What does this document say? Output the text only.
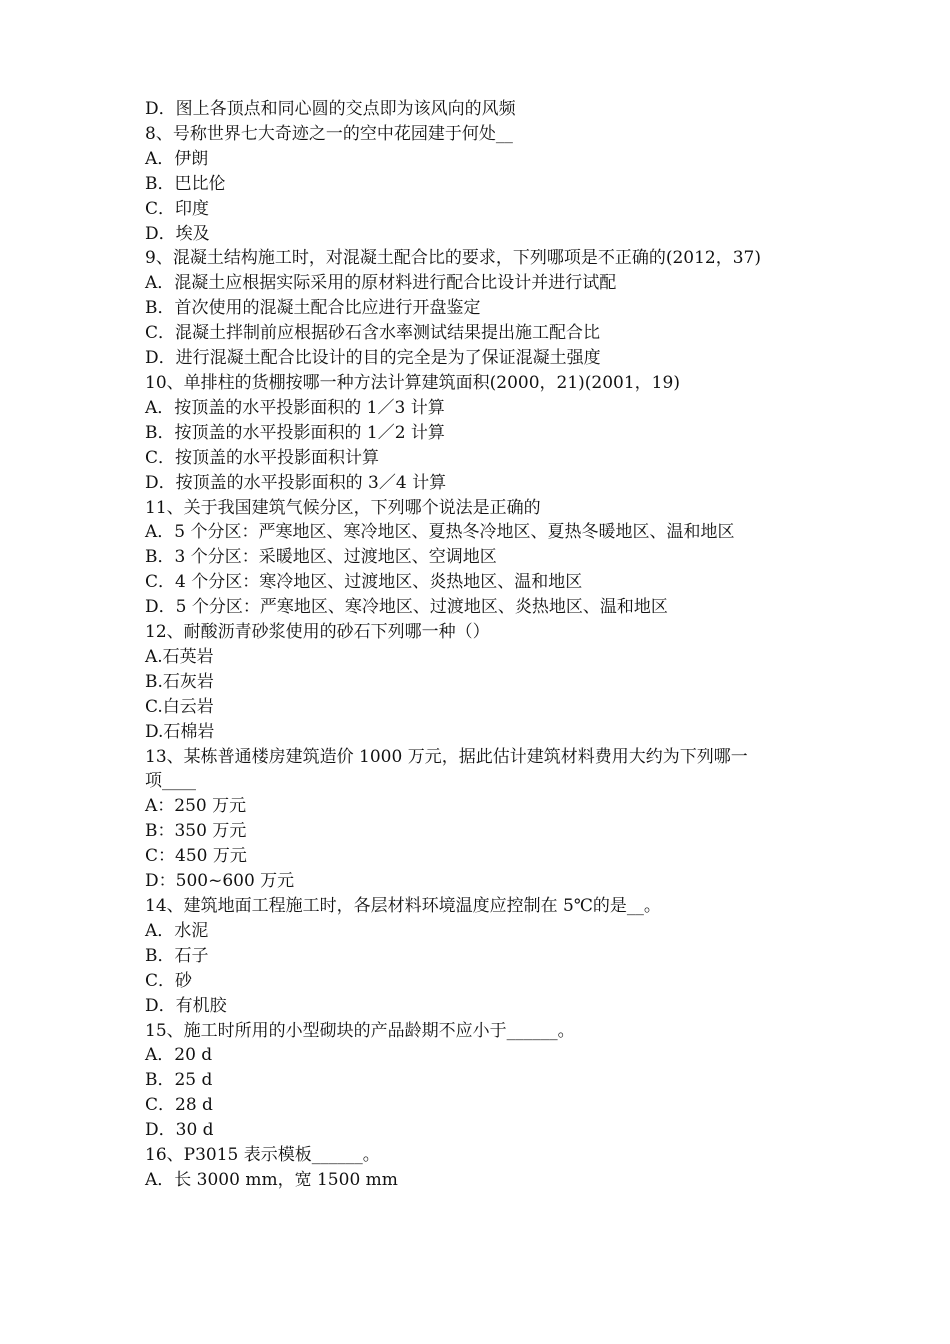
D．图上各顶点和同心圆的交点即为该风向的风频

8、号称世界七大奇迹之一的空中花园建于何处__

A．伊朗

B．巴比伦

C．印度

D．埃及

9、混凝土结构施工时，对混凝土配合比的要求，下列哪项是不正确的(2012，37)

A．混凝土应根据实际采用的原材料进行配合比设计并进行试配

B．首次使用的混凝土配合比应进行开盘鉴定

C．混凝土拌制前应根据砂石含水率测试结果提出施工配合比

D．进行混凝土配合比设计的目的完全是为了保证混凝土强度

10、单排柱的货棚按哪一种方法计算建筑面积(2000，21)(2001，19)

A．按顶盖的水平投影面积的 1／3 计算

B．按顶盖的水平投影面积的 1／2 计算

C．按顶盖的水平投影面积计算

D．按顶盖的水平投影面积的 3／4 计算

11、关于我国建筑气候分区，下列哪个说法是正确的

A．5 个分区：严寒地区、寒冷地区、夏热冬冷地区、夏热冬暖地区、温和地区

B．3 个分区：采暖地区、过渡地区、空调地区

C．4 个分区：寒冷地区、过渡地区、炎热地区、温和地区

D．5 个分区：严寒地区、寒冷地区、过渡地区、炎热地区、温和地区

12、耐酸沥青砂浆使用的砂石下列哪一种（）

A.石英岩

B.石灰岩

C.白云岩

D.石棉岩

13、某栋普通楼房建筑造价 1000 万元，据此估计建筑材料费用大约为下列哪一

项____

A：250 万元

B：350 万元

C：450 万元

D：500~600 万元

14、建筑地面工程施工时，各层材料环境温度应控制在 5℃的是__。

A．水泥

B．石子

C．砂

D．有机胶

15、施工时所用的小型砌块的产品龄期不应小于______。

A．20 d

B．25 d

C．28 d

D．30 d

16、P3015 表示模板______。

A．长 3000 mm，宽 1500 mm
